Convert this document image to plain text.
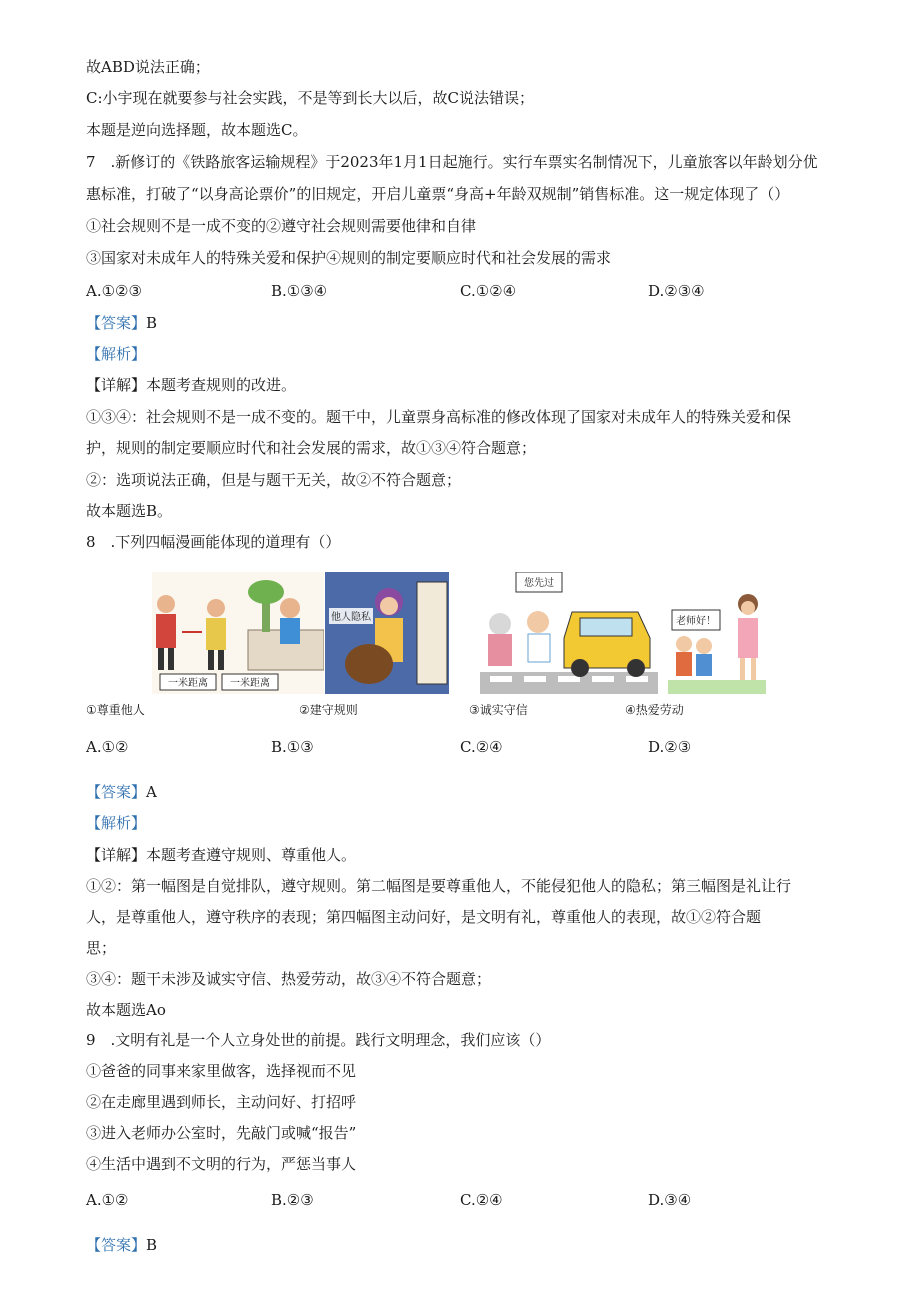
故ABD说法正确；
C:小宇现在就要参与社会实践，不是等到长大以后，故C说法错误；
本题是逆向选择题，故本题选C。
7　.新修订的《铁路旅客运输规程》于2023年1月1日起施行。实行车票实名制情况下，儿童旅客以年龄划分优
惠标准，打破了“以身高论票价”的旧规定，开启儿童票“身高+年龄双规制”销售标准。这一规定体现了（）
①社会规则不是一成不变的②遵守社会规则需要他律和自律
③国家对未成年人的特殊关爱和保护④规则的制定要顺应时代和社会发展的需求
A.①②③	B.①③④	C.①②④	D.②③④
【答案】B
【解析】
【详解】本题考查规则的改进。
①③④：社会规则不是一成不变的。题干中，儿童票身高标准的修改体现了国家对未成年人的特殊关爱和保
护，规则的制定要顺应时代和社会发展的需求，故①③④符合题意；
②：选项说法正确，但是与题干无关，故②不符合题意；
故本题选B。
8　.下列四幅漫画能体现的道理有（）
一米距离 一米距离
他人隐私
您先过
老师好！
①尊重他人	②建守规则	③诚实守信	④热爱劳动
A.①②	B.①③	C.②④	D.②③
【答案】A
【解析】
【详解】本题考查遵守规则、尊重他人。
①②：第一幅图是自觉排队，遵守规则。第二幅图是要尊重他人，不能侵犯他人的隐私；第三幅图是礼让行
人，是尊重他人，遵守秩序的表现；第四幅图主动问好，是文明有礼，尊重他人的表现，故①②符合题
思；
③④：题干未涉及诚实守信、热爱劳动，故③④不符合题意；
故本题选Ao
9　.文明有礼是一个人立身处世的前提。践行文明理念，我们应该（）
①爸爸的同事来家里做客，选择视而不见
②在走廊里遇到师长，主动问好、打招呼
③进入老师办公室时，先敲门或喊“报告”
④生活中遇到不文明的行为，严惩当事人
A.①②	B.②③	C.②④	D.③④
【答案】B
